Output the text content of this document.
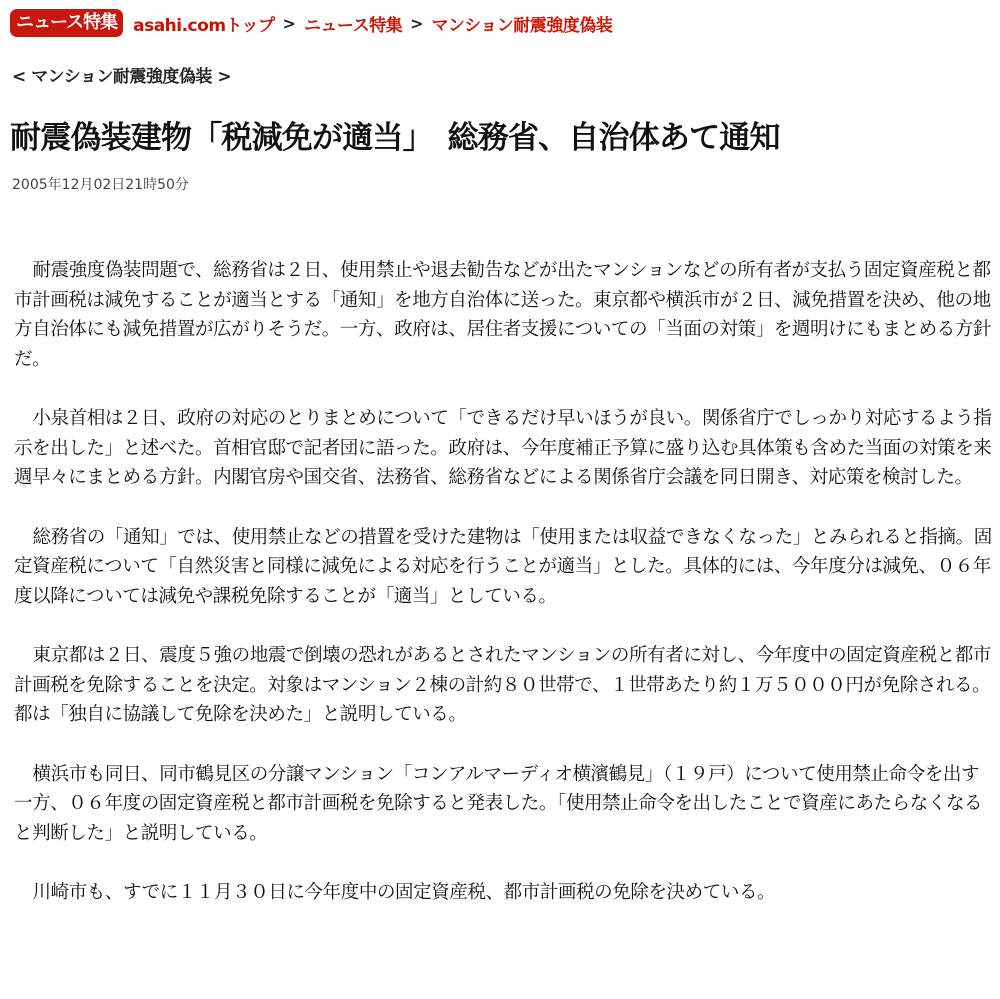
ニュース特集 asahi.comトップ > ニュース特集 > マンション耐震強度偽装
< マンション耐震強度偽装 >
耐震偽装建物「税減免が適当」　総務省、自治体あて通知
2005年12月02日21時50分

耐震強度偽装問題で、総務省は２日、使用禁止や退去勧告などが出たマンションなどの所有者が支払う固定資産税と都市計画税は減免することが適当とする「通知」を地方自治体に送った。東京都や横浜市が２日、減免措置を決め、他の地方自治体にも減免措置が広がりそうだ。一方、政府は、居住者支援についての「当面の対策」を週明けにもまとめる方針だ。

小泉首相は２日、政府の対応のとりまとめについて「できるだけ早いほうが良い。関係省庁でしっかり対応するよう指示を出した」と述べた。首相官邸で記者団に語った。政府は、今年度補正予算に盛り込む具体策も含めた当面の対策を来週早々にまとめる方針。内閣官房や国交省、法務省、総務省などによる関係省庁会議を同日開き、対応策を検討した。

総務省の「通知」では、使用禁止などの措置を受けた建物は「使用または収益できなくなった」とみられると指摘。固定資産税について「自然災害と同様に減免による対応を行うことが適当」とした。具体的には、今年度分は減免、０６年度以降については減免や課税免除することが「適当」としている。

東京都は２日、震度５強の地震で倒壊の恐れがあるとされたマンションの所有者に対し、今年度中の固定資産税と都市計画税を免除することを決定。対象はマンション２棟の計約８０世帯で、１世帯あたり約１万５０００円が免除される。都は「独自に協議して免除を決めた」と説明している。

横浜市も同日、同市鶴見区の分譲マンション「コンアルマーディオ横濱鶴見」（１９戸）について使用禁止命令を出す一方、０６年度の固定資産税と都市計画税を免除すると発表した。「使用禁止命令を出したことで資産にあたらなくなると判断した」と説明している。

川崎市も、すでに１１月３０日に今年度中の固定資産税、都市計画税の免除を決めている。
